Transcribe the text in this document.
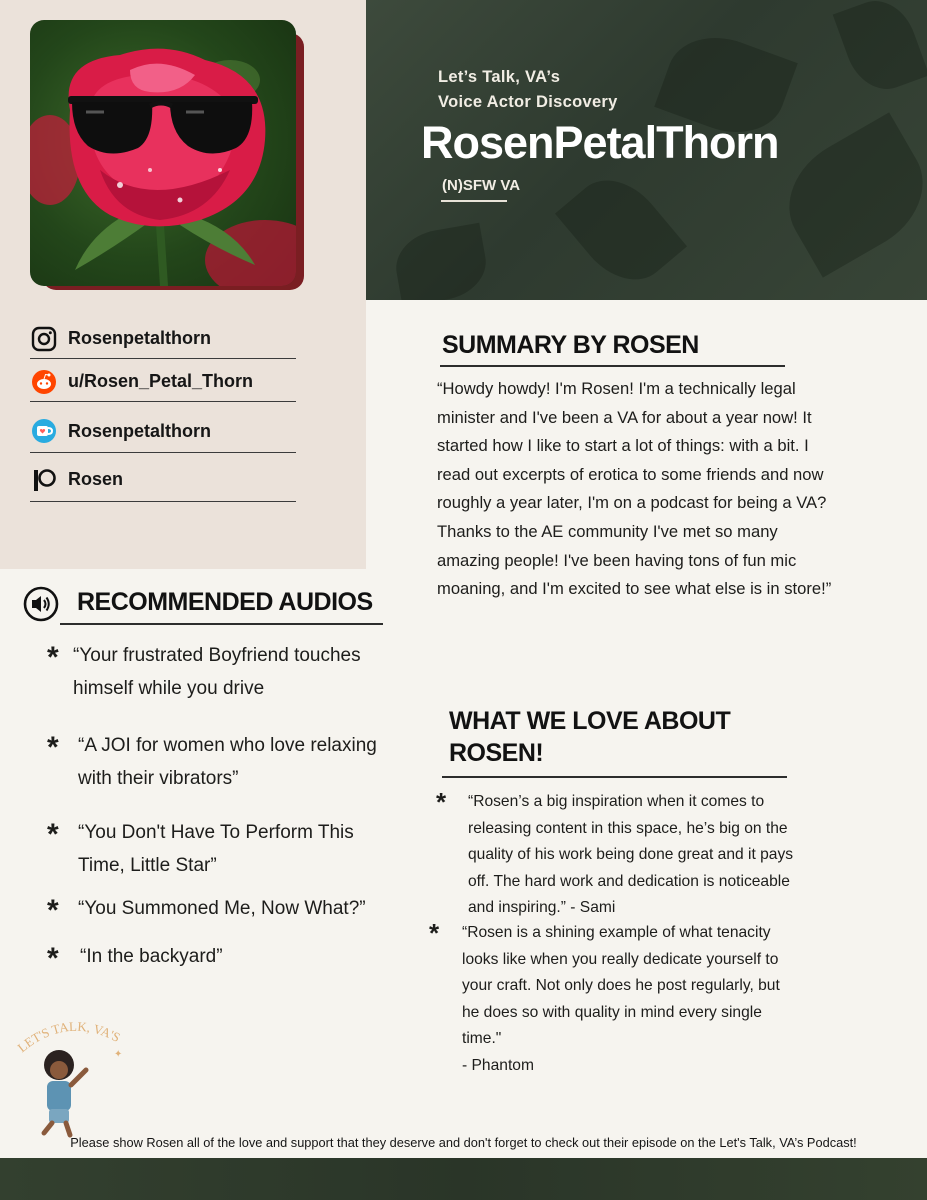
Let’s Talk, VA’s
Voice Actor Discovery
RosenPetalThorn
(N)SFW VA
Rosenpetalthorn
u/Rosen_Petal_Thorn
Rosenpetalthorn
Rosen
SUMMARY BY ROSEN
“Howdy howdy! I'm Rosen! I'm a technically legal
minister and I've been a VA for about a year now! It
started how I like to start a lot of things: with a bit. I
read out excerpts of erotica to some friends and now
roughly a year later, I'm on a podcast for being a VA?
Thanks to the AE community I've met so many
amazing people! I've been having tons of fun mic
moaning, and I'm excited to see what else is in store!”
RECOMMENDED AUDIOS
* “Your frustrated Boyfriend touches
himself while you drive
* “A JOI for women who love relaxing
with their vibrators”
* “You Don't Have To Perform This
Time, Little Star”
* “You Summoned Me, Now What?”
* “In the backyard”
WHAT WE LOVE ABOUT
ROSEN!
*	“Rosen’s a big inspiration when it comes to
releasing content in this space, he’s big on the
quality of his work being done great and it pays
off. The hard work and dedication is noticeable
and inspiring.” - Sami
*	“Rosen is a shining example of what tenacity
looks like when you really dedicate yourself to
your craft. Not only does he post regularly, but
he does so with quality in mind every single
time."
- Phantom
LET'S TALK, VA'S
✦
Please show Rosen all of the love and support that they deserve and don't forget to check out their episode on the Let's Talk, VA’s Podcast!
